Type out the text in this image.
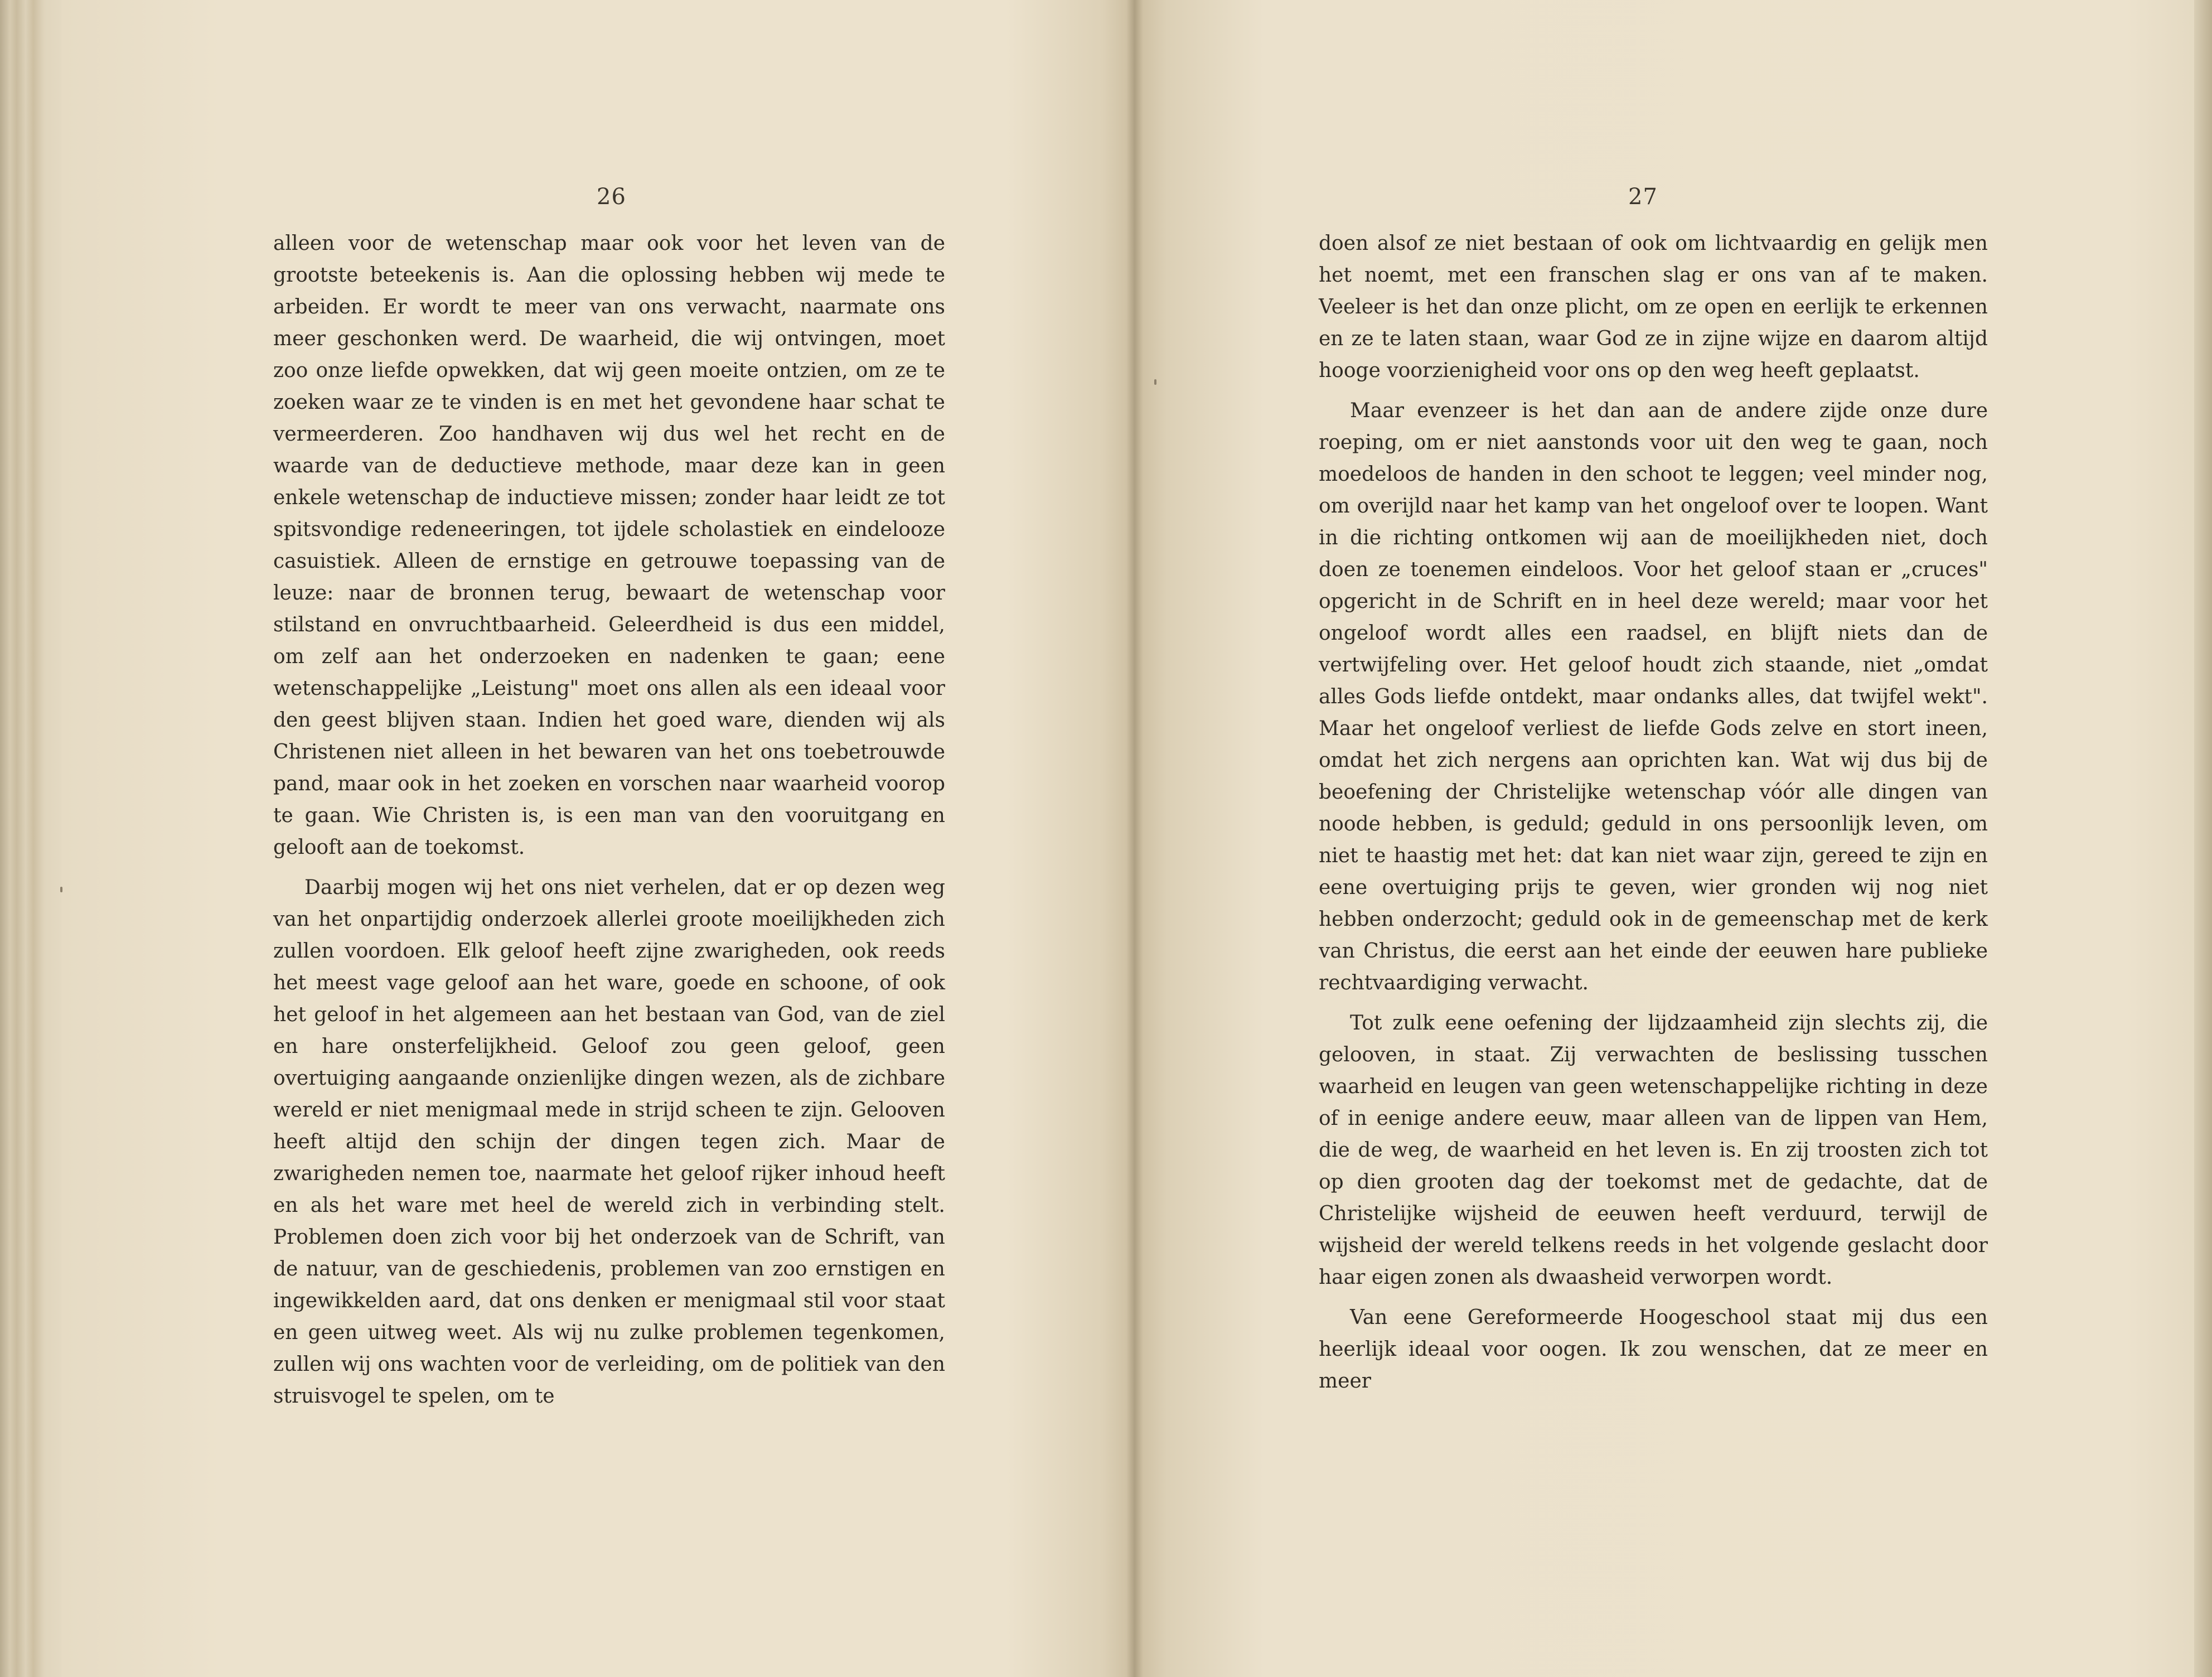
26	27

alleen voor de wetenschap maar ook voor het leven van de grootste beteekenis is. Aan die oplossing hebben wij mede te arbeiden. Er wordt te meer van ons verwacht, naarmate ons meer geschonken werd. De waarheid, die wij ontvingen, moet zoo onze liefde opwekken, dat wij geen moeite ontzien, om ze te zoeken waar ze te vinden is en met het gevondene haar schat te vermeerderen. Zoo handhaven wij dus wel het recht en de waarde van de deductieve methode, maar deze kan in geen enkele wetenschap de inductieve missen; zonder haar leidt ze tot spitsvondige redeneeringen, tot ijdele scholastiek en eindelooze casuistiek. Alleen de ernstige en getrouwe toepassing van de leuze: naar de bronnen terug, bewaart de wetenschap voor stilstand en onvruchtbaarheid. Geleerdheid is dus een middel, om zelf aan het onderzoeken en nadenken te gaan; eene wetenschappelijke „Leistung" moet ons allen als een ideaal voor den geest blijven staan. Indien het goed ware, dienden wij als Christenen niet alleen in het bewaren van het ons toebetrouwde pand, maar ook in het zoeken en vorschen naar waarheid voorop te gaan. Wie Christen is, is een man van den vooruitgang en gelooft aan de toekomst.

Daarbij mogen wij het ons niet verhelen, dat er op dezen weg van het onpartijdig onderzoek allerlei groote moeilijkheden zich zullen voordoen. Elk geloof heeft zijne zwarigheden, ook reeds het meest vage geloof aan het ware, goede en schoone, of ook het geloof in het algemeen aan het bestaan van God, van de ziel en hare onsterfelijkheid. Geloof zou geen geloof, geen overtuiging aangaande onzienlijke dingen wezen, als de zichbare wereld er niet menigmaal mede in strijd scheen te zijn. Gelooven heeft altijd den schijn der dingen tegen zich. Maar de zwarigheden nemen toe, naarmate het geloof rijker inhoud heeft en als het ware met heel de wereld zich in verbinding stelt. Problemen doen zich voor bij het onderzoek van de Schrift, van de natuur, van de geschiedenis, problemen van zoo ernstigen en ingewikkelden aard, dat ons denken er menigmaal stil voor staat en geen uitweg weet. Als wij nu zulke problemen tegenkomen, zullen wij ons wachten voor de verleiding, om de politiek van den struisvogel te spelen, om te

doen alsof ze niet bestaan of ook om lichtvaardig en gelijk men het noemt, met een franschen slag er ons van af te maken. Veeleer is het dan onze plicht, om ze open en eerlijk te erkennen en ze te laten staan, waar God ze in zijne wijze en daarom altijd hooge voorzienigheid voor ons op den weg heeft geplaatst.

Maar evenzeer is het dan aan de andere zijde onze dure roeping, om er niet aanstonds voor uit den weg te gaan, noch moedeloos de handen in den schoot te leggen; veel minder nog, om overijld naar het kamp van het ongeloof over te loopen. Want in die richting ontkomen wij aan de moeilijkheden niet, doch doen ze toenemen eindeloos. Voor het geloof staan er „cruces" opgericht in de Schrift en in heel deze wereld; maar voor het ongeloof wordt alles een raadsel, en blijft niets dan de vertwijfeling over. Het geloof houdt zich staande, niet „omdat alles Gods liefde ontdekt, maar ondanks alles, dat twijfel wekt". Maar het ongeloof verliest de liefde Gods zelve en stort ineen, omdat het zich nergens aan oprichten kan. Wat wij dus bij de beoefening der Christelijke wetenschap vóór alle dingen van noode hebben, is geduld; geduld in ons persoonlijk leven, om niet te haastig met het: dat kan niet waar zijn, gereed te zijn en eene overtuiging prijs te geven, wier gronden wij nog niet hebben onderzocht; geduld ook in de gemeenschap met de kerk van Christus, die eerst aan het einde der eeuwen hare publieke rechtvaardiging verwacht.

Tot zulk eene oefening der lijdzaamheid zijn slechts zij, die gelooven, in staat. Zij verwachten de beslissing tusschen waarheid en leugen van geen wetenschappelijke richting in deze of in eenige andere eeuw, maar alleen van de lippen van Hem, die de weg, de waarheid en het leven is. En zij troosten zich tot op dien grooten dag der toekomst met de gedachte, dat de Christelijke wijsheid de eeuwen heeft verduurd, terwijl de wijsheid der wereld telkens reeds in het volgende geslacht door haar eigen zonen als dwaasheid verworpen wordt.

Van eene Gereformeerde Hoogeschool staat mij dus een heerlijk ideaal voor oogen. Ik zou wenschen, dat ze meer en meer
